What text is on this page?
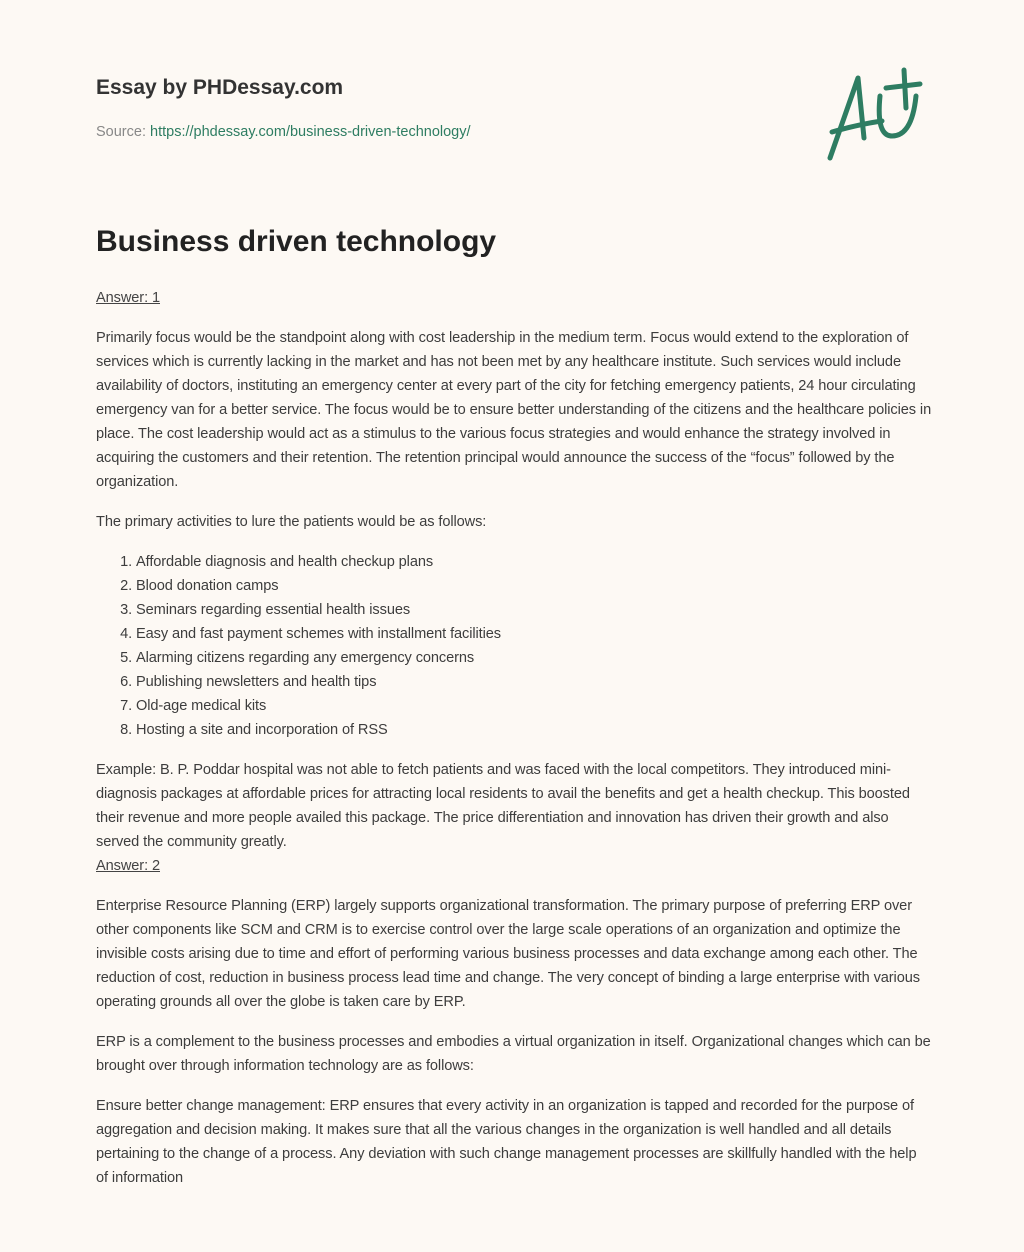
Essay by PHDessay.com
Source: https://phdessay.com/business-driven-technology/
Business driven technology

Answer: 1

Primarily focus would be the standpoint along with cost leadership in the medium term. Focus would extend to the exploration of services which is currently lacking in the market and has not been met by any healthcare institute. Such services would include availability of doctors, instituting an emergency center at every part of the city for fetching emergency patients, 24 hour circulating emergency van for a better service. The focus would be to ensure better understanding of the citizens and the healthcare policies in place. The cost leadership would act as a stimulus to the various focus strategies and would enhance the strategy involved in acquiring the customers and their retention. The retention principal would announce the success of the “focus” followed by the organization.

The primary activities to lure the patients would be as follows:

1. Affordable diagnosis and health checkup plans
2. Blood donation camps
3. Seminars regarding essential health issues
4. Easy and fast payment schemes with installment facilities
5. Alarming citizens regarding any emergency concerns
6. Publishing newsletters and health tips
7. Old-age medical kits
8. Hosting a site and incorporation of RSS

Example: B. P. Poddar hospital was not able to fetch patients and was faced with the local competitors. They introduced mini-diagnosis packages at affordable prices for attracting local residents to avail the benefits and get a health checkup. This boosted their revenue and more people availed this package. The price differentiation and innovation has driven their growth and also served the community greatly.

Answer: 2

Enterprise Resource Planning (ERP) largely supports organizational transformation. The primary purpose of preferring ERP over other components like SCM and CRM is to exercise control over the large scale operations of an organization and optimize the invisible costs arising due to time and effort of performing various business processes and data exchange among each other. The reduction of cost, reduction in business process lead time and change. The very concept of binding a large enterprise with various operating grounds all over the globe is taken care by ERP.

ERP is a complement to the business processes and embodies a virtual organization in itself. Organizational changes which can be brought over through information technology are as follows:

Ensure better change management: ERP ensures that every activity in an organization is tapped and recorded for the purpose of aggregation and decision making. It makes sure that all the various changes in the organization is well handled and all details pertaining to the change of a process. Any deviation with such change management processes are skillfully handled with the help of information
